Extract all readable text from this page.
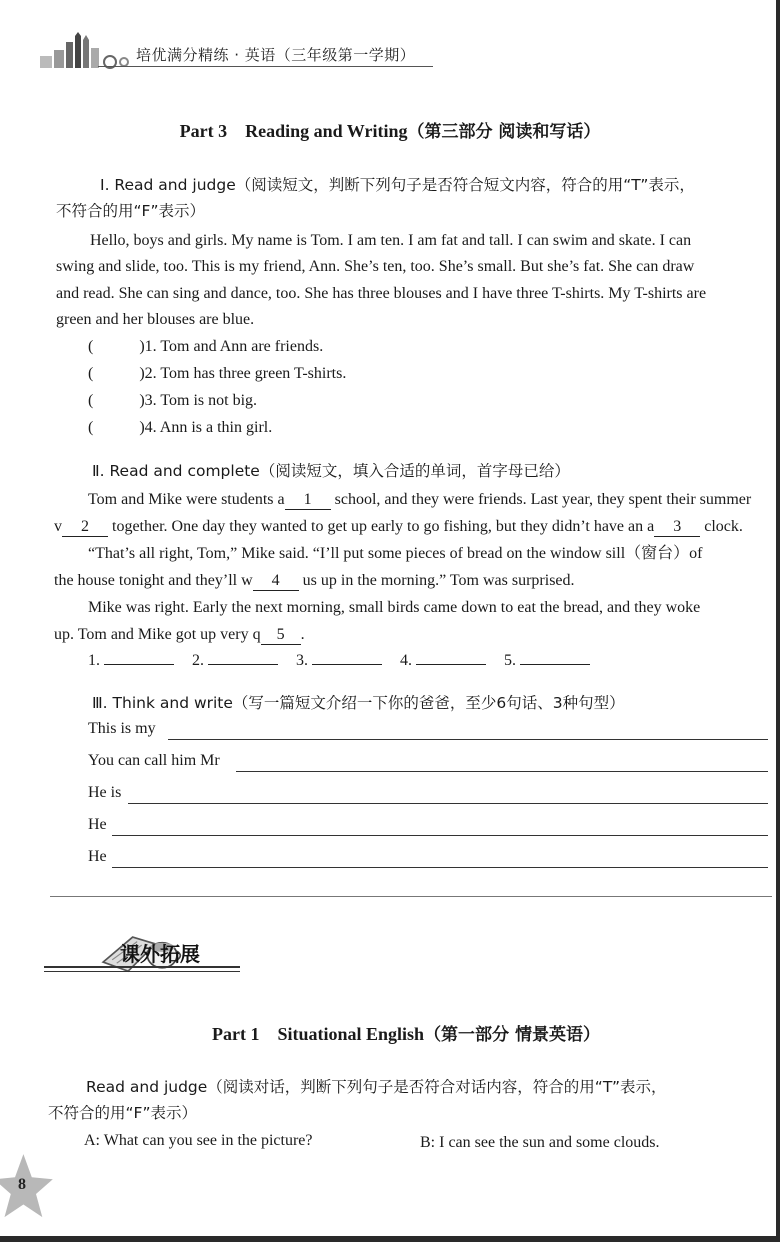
培优满分精练 · 英语（三年级第一学期）
Part 3    Reading and Writing（第三部分 阅读和写话）
Ⅰ. Read and judge（阅读短文，判断下列句子是否符合短文内容，符合的用“T”表示，
不符合的用“F”表示）
Hello, boys and girls. My name is Tom. I am ten. I am fat and tall. I can swim and skate. I can
swing and slide, too. This is my friend, Ann. She’s ten, too. She’s small. But she’s fat. She can draw
and read. She can sing and dance, too. She has three blouses and I have three T-shirts. My T-shirts are
green and her blouses are blue.
(	)1. Tom and Ann are friends.
(	)2. Tom has three green T-shirts.
(	)3. Tom is not big.
(	)4. Ann is a thin girl.
Ⅱ. Read and complete（阅读短文，填入合适的单词，首字母已给）
Tom and Mike were students a 1 school, and they were friends. Last year, they spent their summer
v 2 together. One day they wanted to get up early to go fishing, but they didn’t have an a 3 clock.
“That’s all right, Tom,” Mike said. “I’ll put some pieces of bread on the window sill（窗台）of
the house tonight and they’ll w 4 us up in the morning.” Tom was surprised.
Mike was right. Early the next morning, small birds came down to eat the bread, and they woke
up. Tom and Mike got up very q 5 .
1.	2.	3.	4.	5.
Ⅲ. Think and write（写一篇短文介绍一下你的爸爸，至少6句话、3种句型）
This is my
You can call him Mr
He is
He
He
课外拓展
Part 1    Situational English（第一部分 情景英语）
Read and judge（阅读对话，判断下列句子是否符合对话内容，符合的用“T”表示，
不符合的用“F”表示）
A: What can you see in the picture?	B: I can see the sun and some clouds.
8
